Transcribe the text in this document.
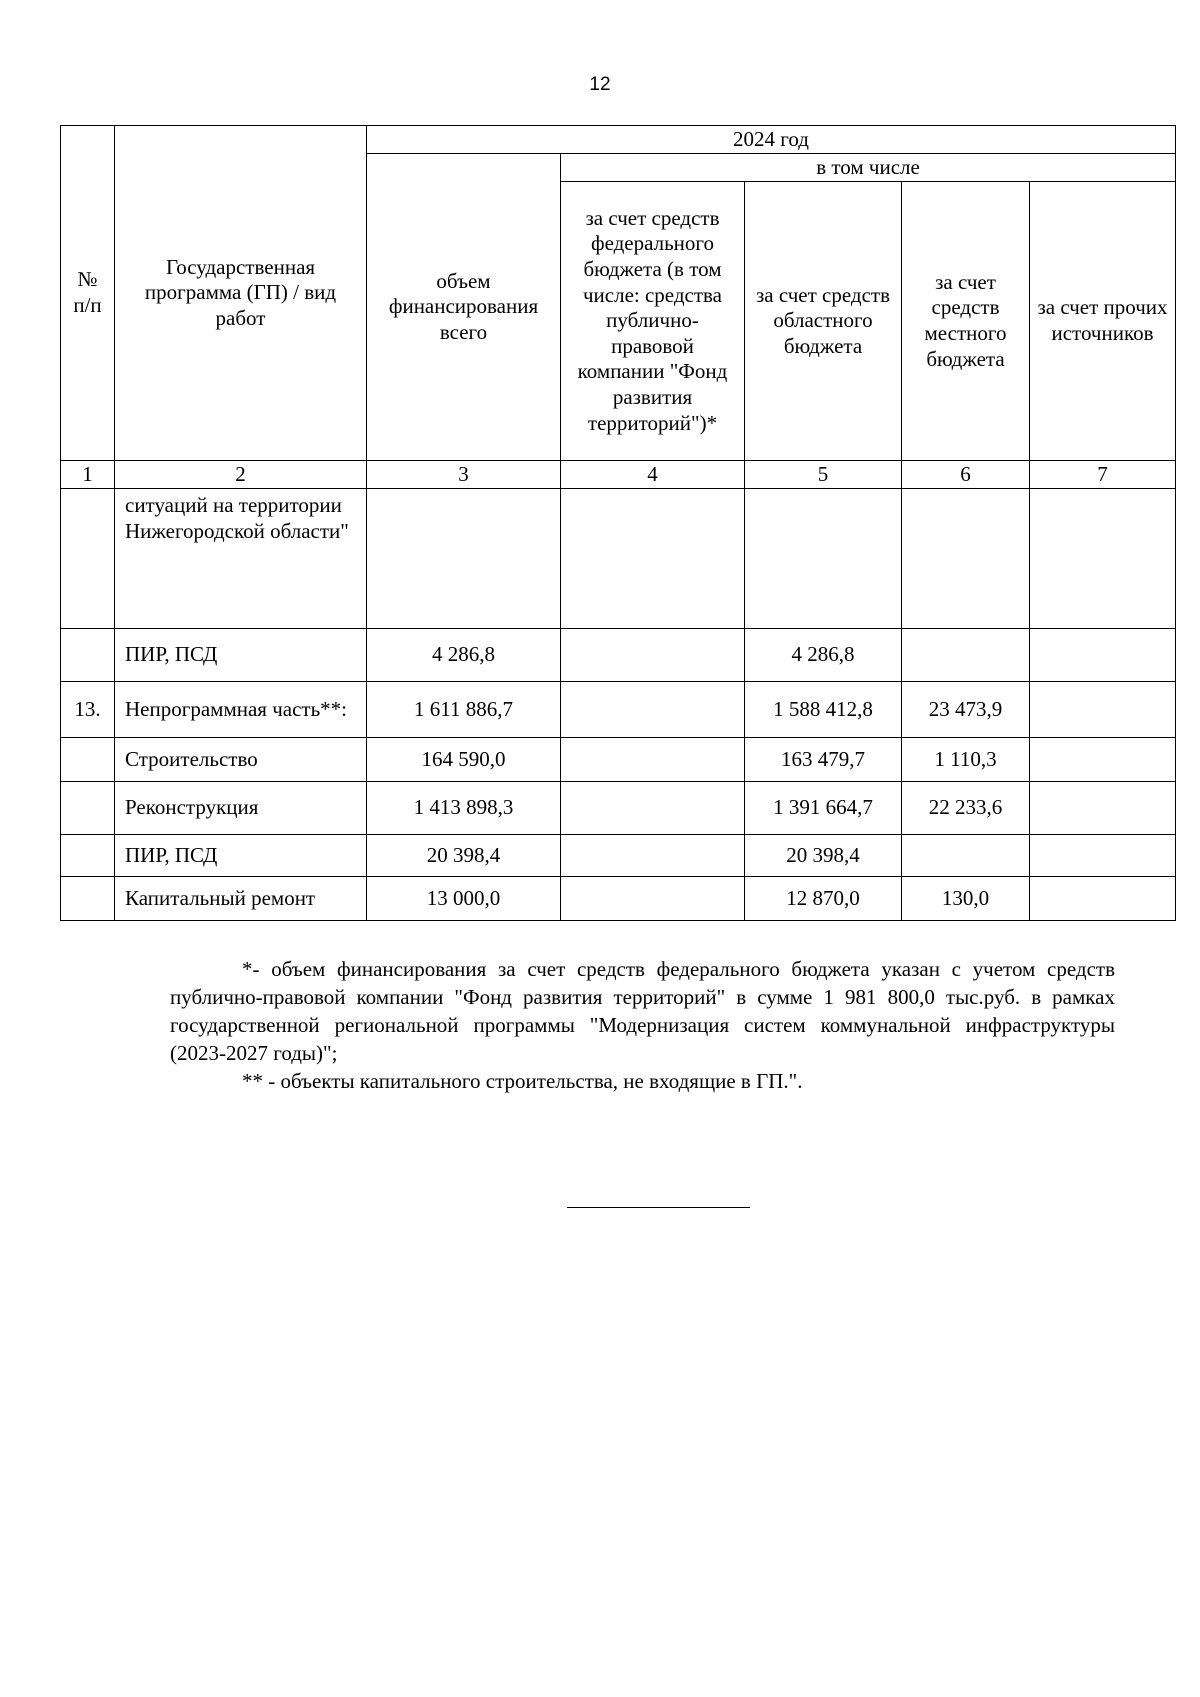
12
№ п/п	Государственная программа (ГП) / вид работ	2024 год				
		объем финансирования всего	в том числе			
			за счет средств федерального бюджета (в том числе: средства публично-правовой компании "Фонд развития территорий")*	за счет средств областного бюджета	за счет средств местного бюджета	за счет прочих источников
1	2	3	4	5	6	7
	ситуаций на территории Нижегородской области"					
	ПИР, ПСД	4 286,8		4 286,8		
13.	Непрограммная часть**:	1 611 886,7		1 588 412,8	23 473,9	
	Строительство	164 590,0		163 479,7	1 110,3	
	Реконструкция	1 413 898,3		1 391 664,7	22 233,6	
	ПИР, ПСД	20 398,4		20 398,4		
	Капитальный ремонт	13 000,0		12 870,0	130,0	

*- объем финансирования за счет средств федерального бюджета указан с учетом средств публично-правовой компании "Фонд развития территорий" в сумме 1 981 800,0 тыс.руб. в рамках государственной региональной программы "Модернизация систем коммунальной инфраструктуры (2023-2027 годы)";

** - объекты капитального строительства, не входящие в ГП.".
